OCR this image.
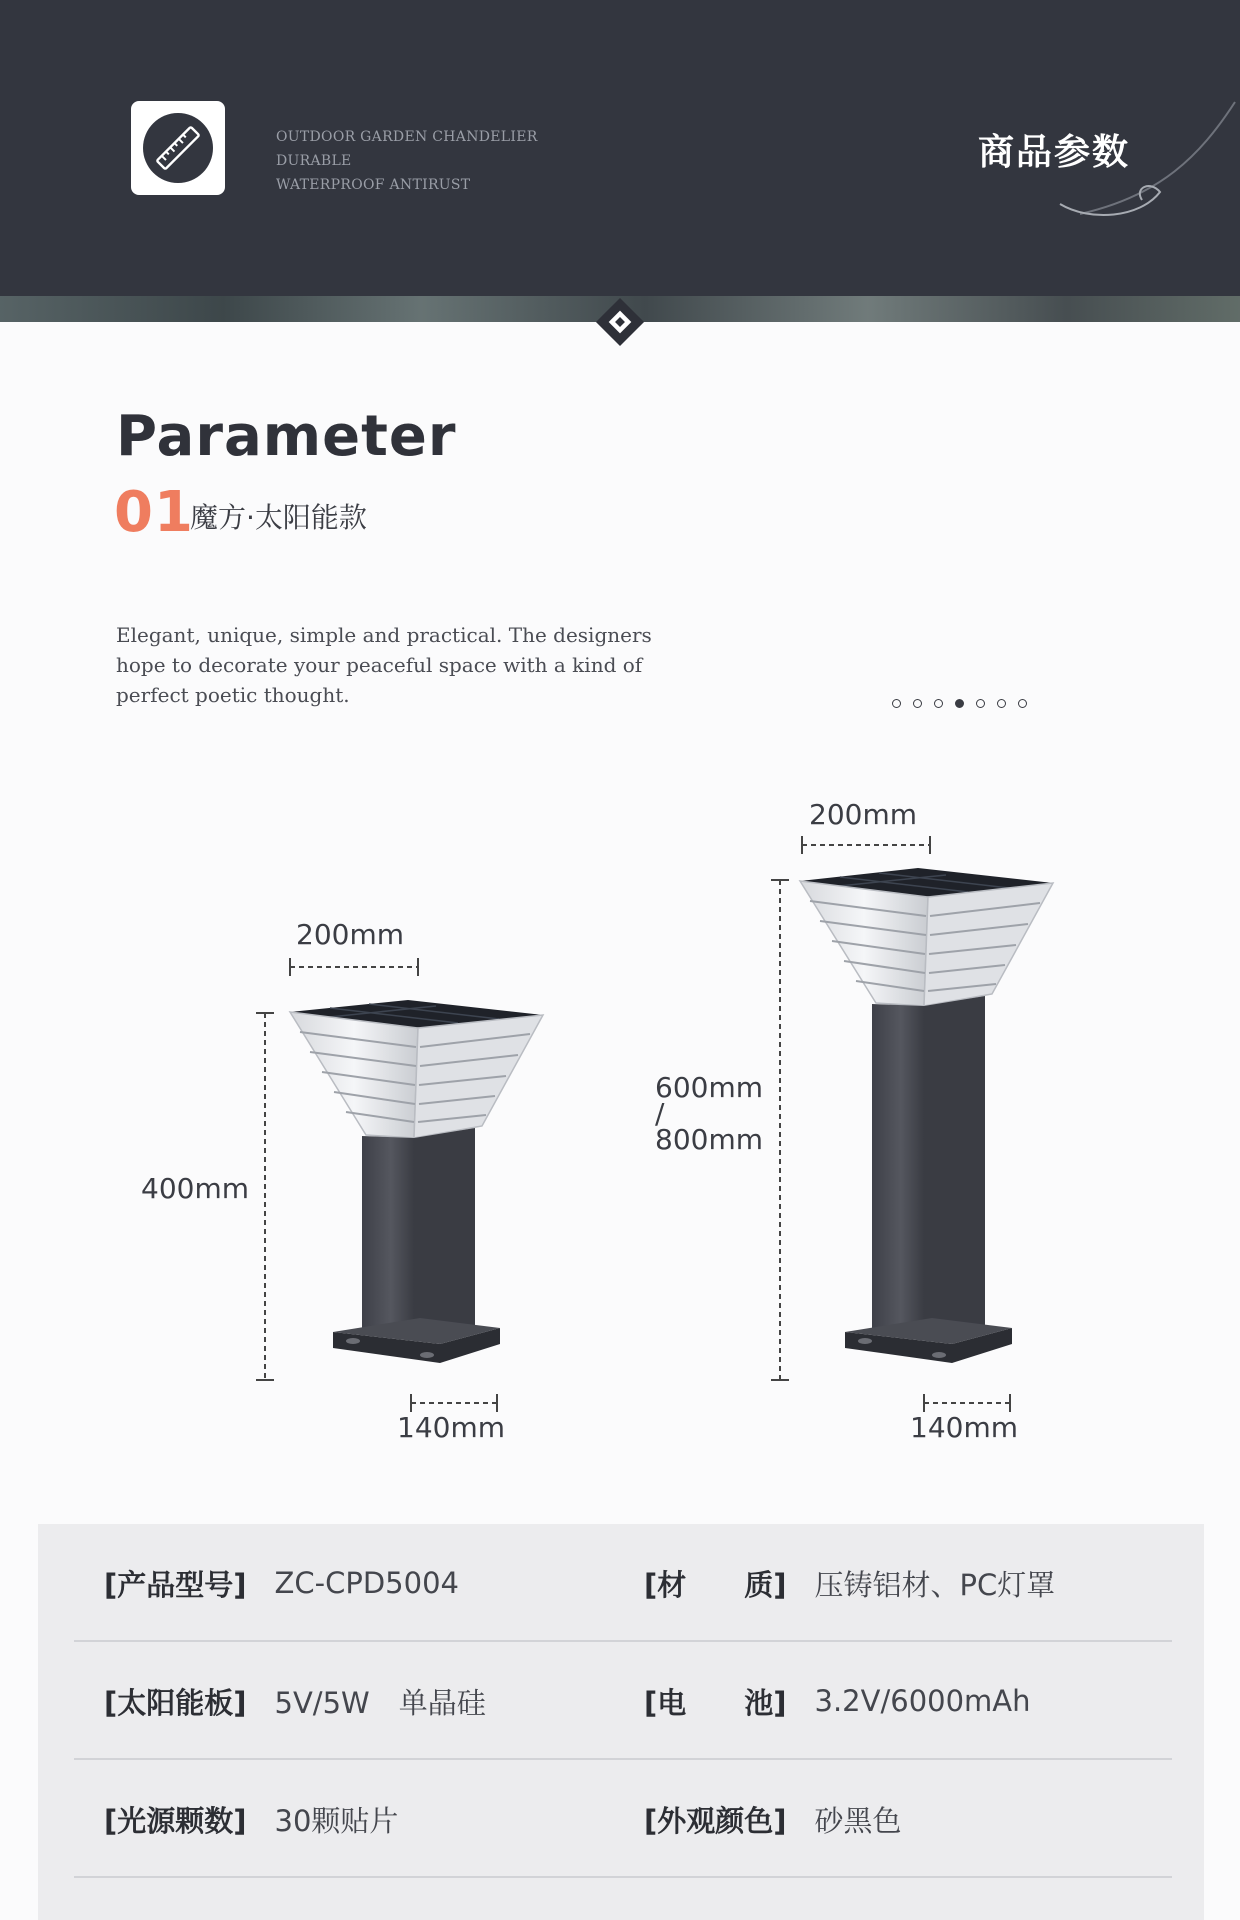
OUTDOOR GARDEN CHANDELIER DURABLE
WATERPROOF ANTIRUST
商品参数
Parameter
01
魔方·太阳能款
Elegant, unique, simple and practical. The designers
hope to decorate your peaceful space with a kind of
perfect poetic thought.
200mm
400mm
140mm
200mm
600mm
/
800mm
140mm
[产品型号] ZC-CPD5004	[材　　质] 压铸铝材、PC灯罩
[太阳能板] 5V/5W　单晶硅	[电　　池] 3.2V/6000mAh
[光源颗数] 30颗贴片	[外观颜色] 砂黑色
